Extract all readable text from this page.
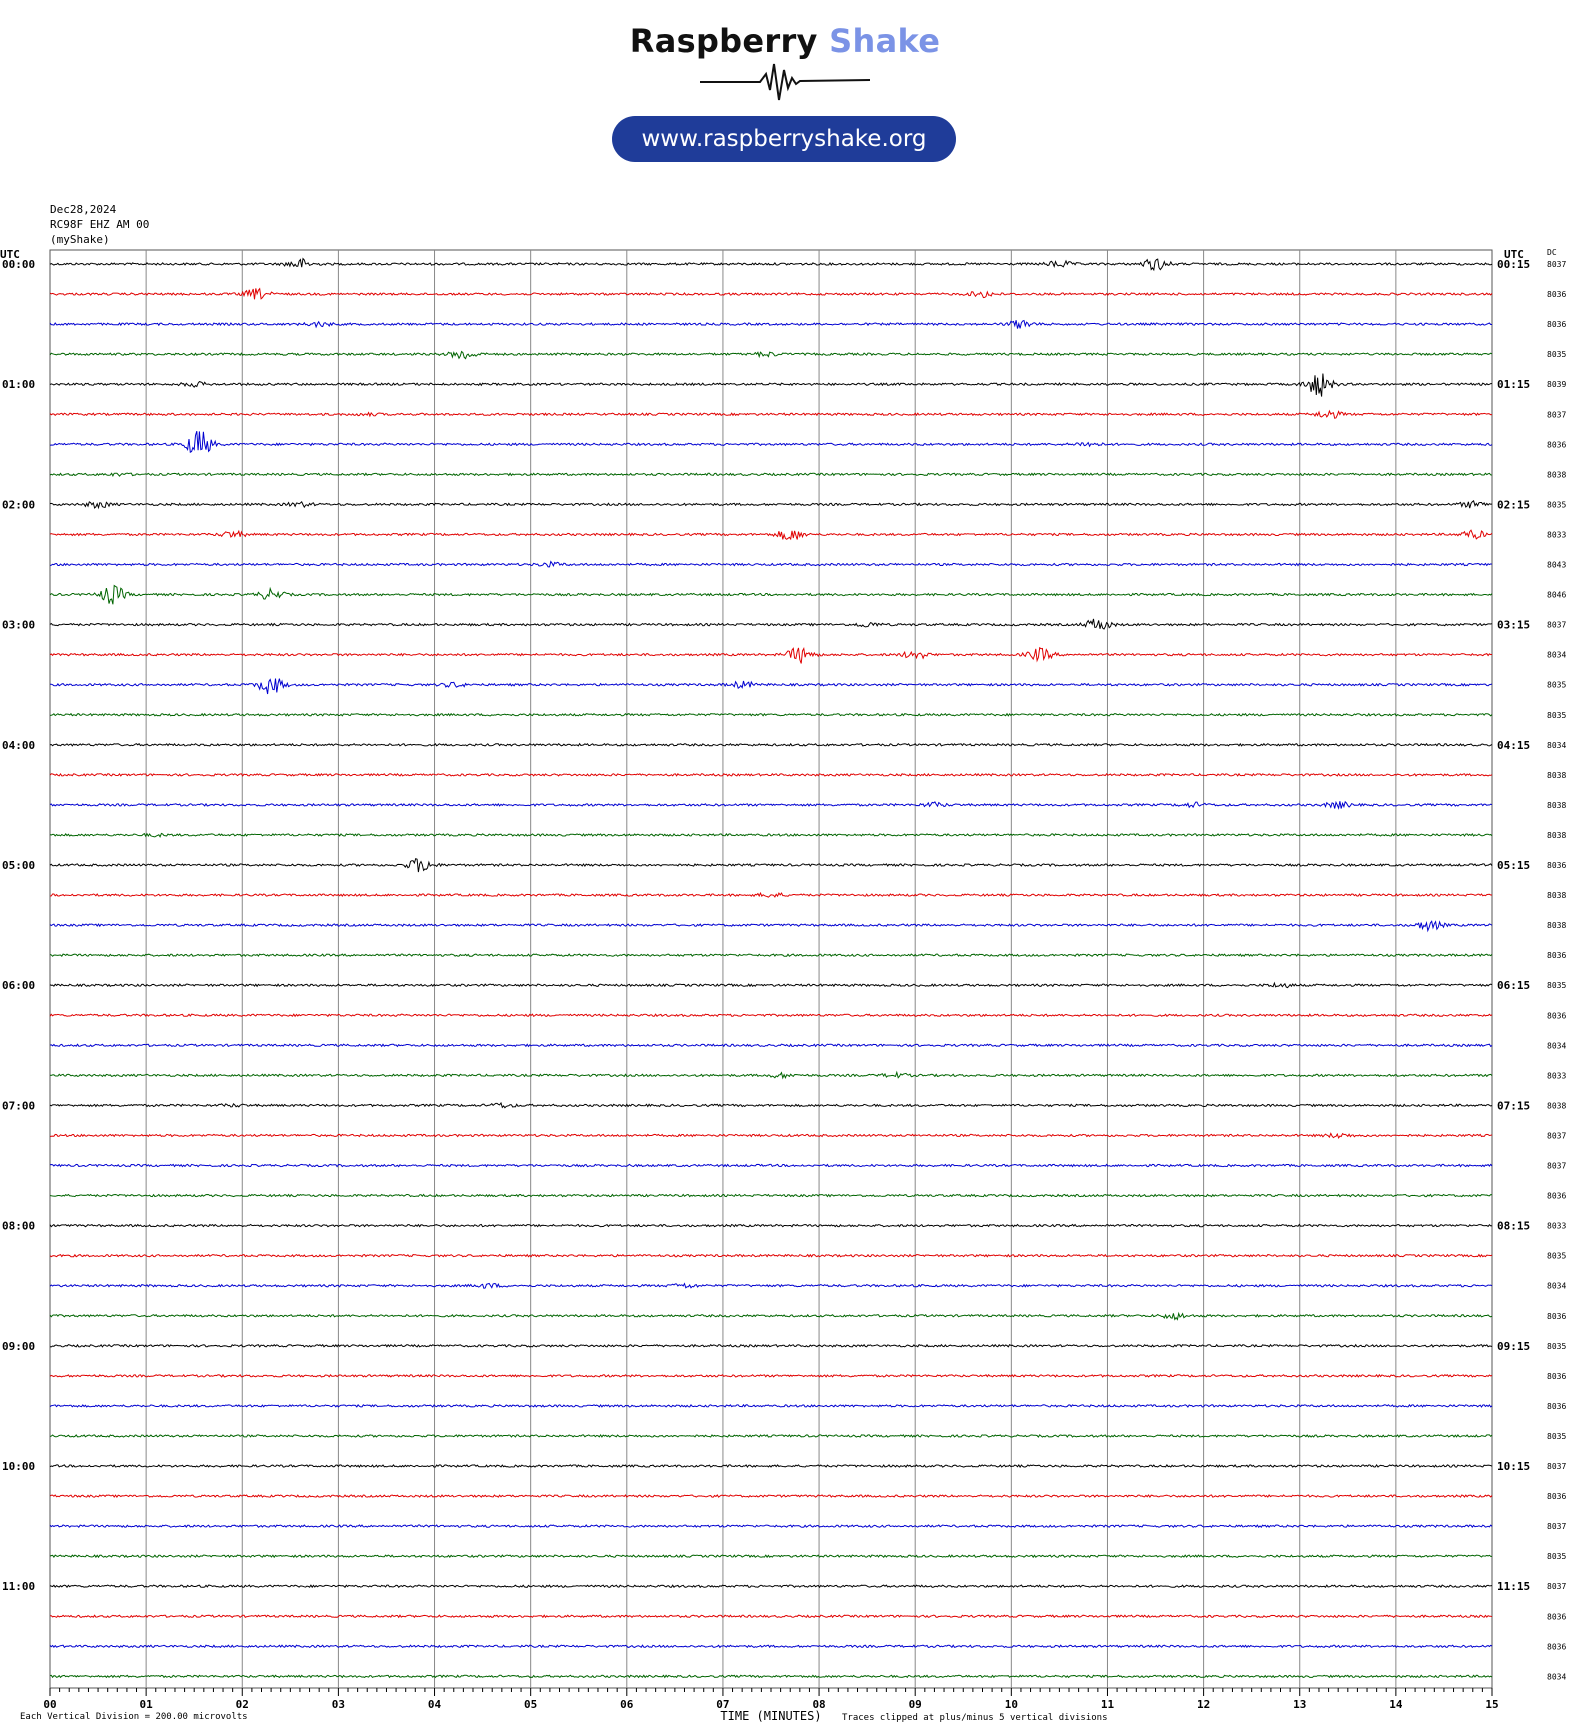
Raspberry Shake
www.raspberryshake.org
Dec28,2024
RC98F EHZ AM 00
(myShake)
00:00	00:15 8037
8036
8036
8035
01:00	01:15 8039
8037
8036
8038
02:00	02:15 8035
8033
8043
8046
03:00	03:15 8037
8034
8035
8035
04:00	04:15 8034
8038
8038
8038
05:00	05:15 8036
8038
8038
8036
06:00	06:15 8035
8036
8034
8033
07:00	07:15 8038
8037
8037
8036
08:00	08:15 8033
8035
8034
8036
09:00	09:15 8035
8036
8036
8035
10:00	10:15 8037
8036
8037
8035
11:00	11:15 8037
8036
8036
8034
UTC	UTC	DC
00	01	02	03	04	05	06	07	08	09	10	11	12	13	14	15
TIME (MINUTES)
Each Vertical Division = 200.00 microvolts	Traces clipped at plus/minus 5 vertical divisions
